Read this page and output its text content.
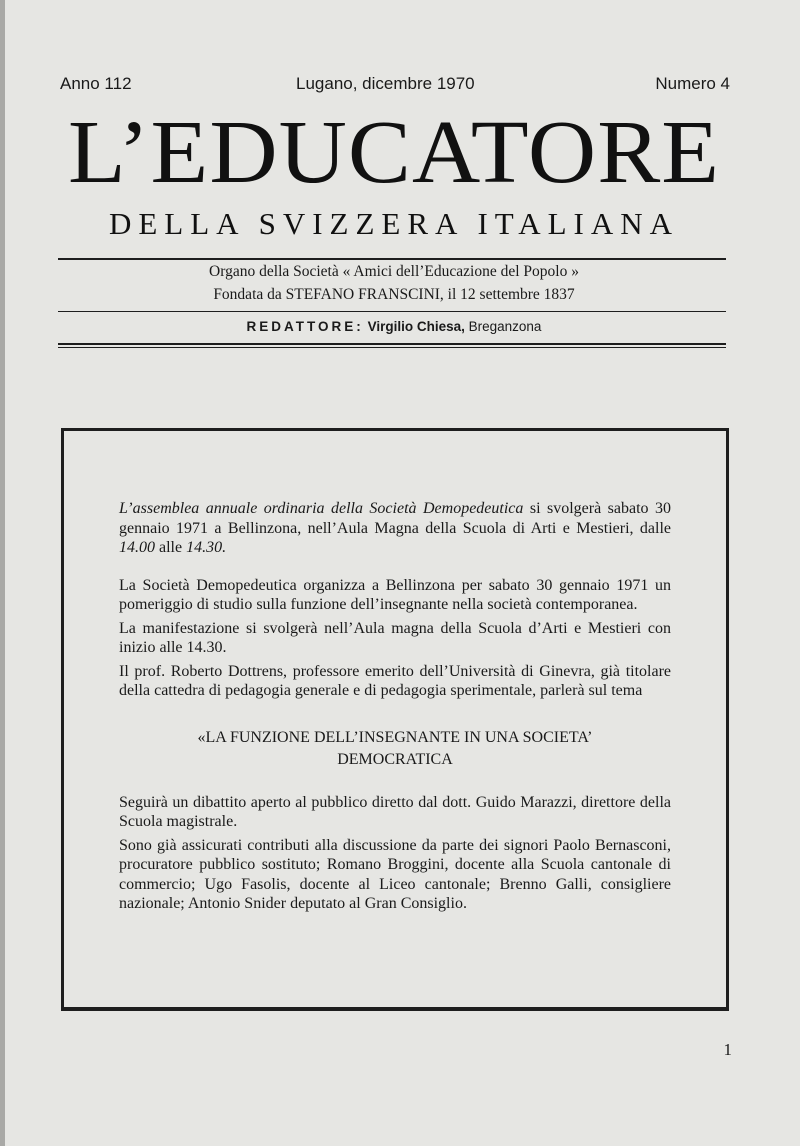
Anno 112	Lugano, dicembre 1970	Numero 4
L’EDUCATORE
DELLA SVIZZERA ITALIANA
Organo della Società « Amici dell’Educazione del Popolo »
Fondata da STEFANO FRANSCINI, il 12 settembre 1837
REDATTORE: Virgilio Chiesa, Breganzona

L’assemblea annuale ordinaria della Società Demopedeutica si svolgerà sabato 30 gennaio 1971 a Bellinzona, nell’Aula Magna della Scuola di Arti e Mestieri, dalle 14.00 alle 14.30.

La Società Demopedeutica organizza a Bellinzona per sabato 30 gennaio 1971 un pomeriggio di studio sulla funzione dell’insegnante nella società contemporanea.

La manifestazione si svolgerà nell’Aula magna della Scuola d’Arti e Mestieri con inizio alle 14.30.

Il prof. Roberto Dottrens, professore emerito dell’Università di Ginevra, già titolare della cattedra di pedagogia generale e di pedagogia sperimentale, parlerà sul tema

«LA FUNZIONE DELL’INSEGNANTE IN UNA SOCIETA’ DEMOCRATICA

Seguirà un dibattito aperto al pubblico diretto dal dott. Guido Marazzi, direttore della Scuola magistrale.

Sono già assicurati contributi alla discussione da parte dei signori Paolo Bernasconi, procuratore pubblico sostituto; Romano Broggini, docente alla Scuola cantonale di commercio; Ugo Fasolis, docente al Liceo cantonale; Brenno Galli, consigliere nazionale; Antonio Snider deputato al Gran Consiglio.

1
